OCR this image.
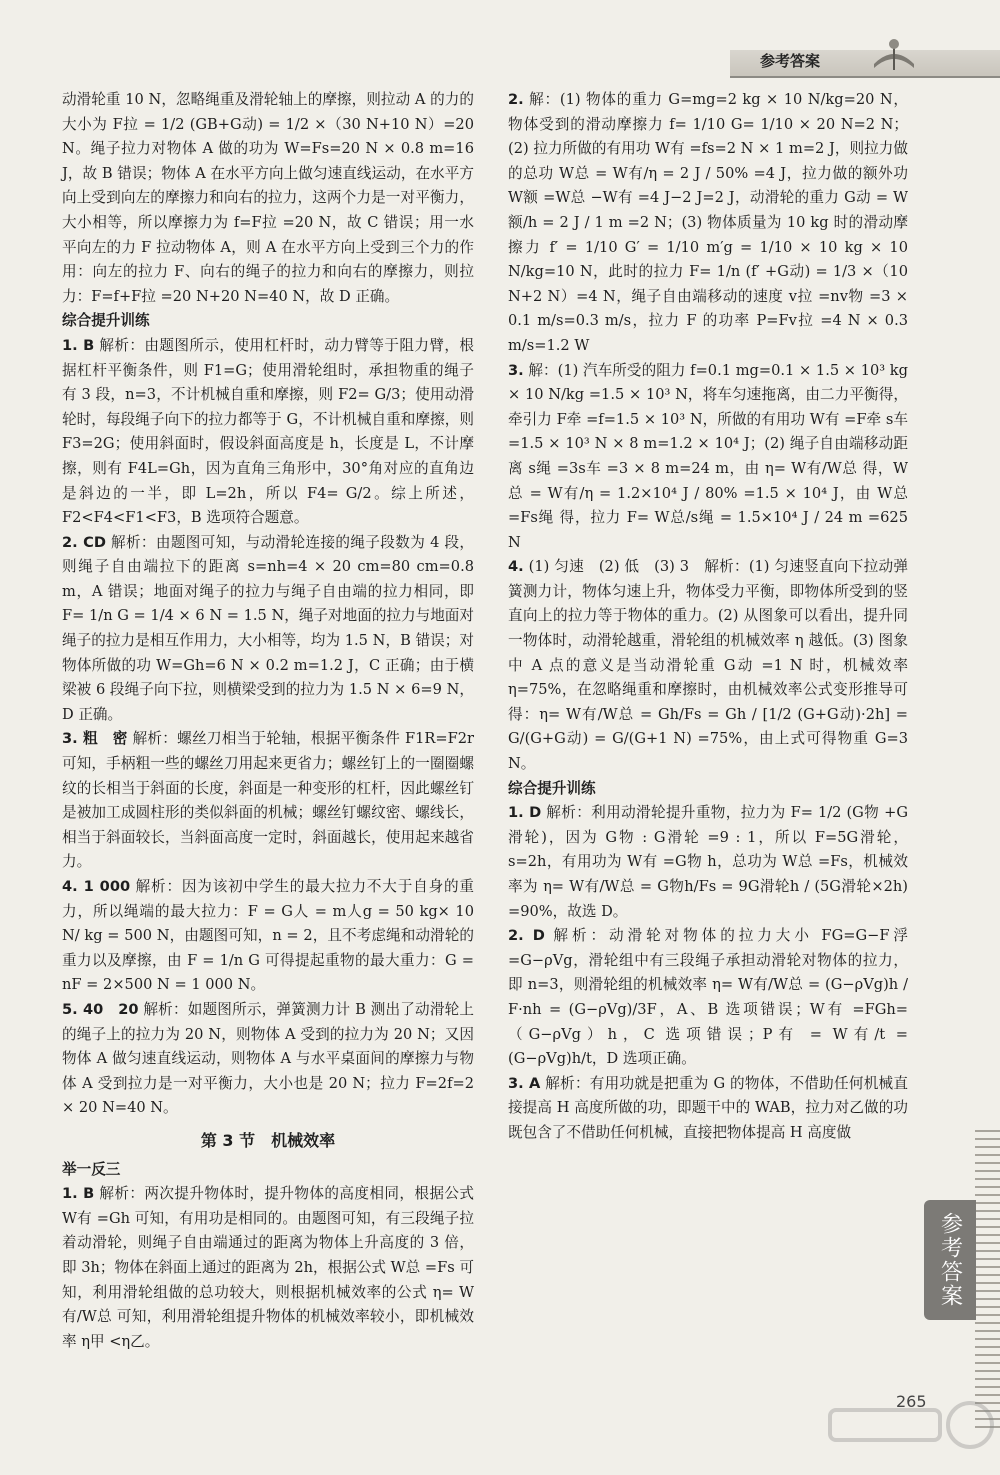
参考答案

动滑轮重 10 N，忽略绳重及滑轮轴上的摩擦，则拉动 A 的力的大小为 F拉 = 1/2 (GB+G动) = 1/2 ×（30 N+10 N）=20 N。绳子拉力对物体 A 做的功为 W=Fs=20 N × 0.8 m=16 J，故 B 错误；物体 A 在水平方向上做匀速直线运动，在水平方向上受到向左的摩擦力和向右的拉力，这两个力是一对平衡力，大小相等，所以摩擦力为 f=F拉 =20 N，故 C 错误；用一水平向左的力 F 拉动物体 A，则 A 在水平方向上受到三个力的作用：向左的拉力 F、向右的绳子的拉力和向右的摩擦力，则拉力：F=f+F拉 =20 N+20 N=40 N，故 D 正确。

综合提升训练

1. B 解析：由题图所示，使用杠杆时，动力臂等于阻力臂，根据杠杆平衡条件，则 F1=G；使用滑轮组时，承担物重的绳子有 3 段，n=3，不计机械自重和摩擦，则 F2= G/3；使用动滑轮时，每段绳子向下的拉力都等于 G，不计机械自重和摩擦，则 F3=2G；使用斜面时，假设斜面高度是 h，长度是 L，不计摩擦，则有 F4L=Gh，因为直角三角形中，30°角对应的直角边是斜边的一半，即 L=2h，所以 F4= G/2。综上所述，F2<F4<F1<F3，B 选项符合题意。

2. CD 解析：由题图可知，与动滑轮连接的绳子段数为 4 段，则绳子自由端拉下的距离 s=nh=4 × 20 cm=80 cm=0.8 m，A 错误；地面对绳子的拉力与绳子自由端的拉力相同，即 F= 1/n G = 1/4 × 6 N = 1.5 N，绳子对地面的拉力与地面对绳子的拉力是相互作用力，大小相等，均为 1.5 N，B 错误；对物体所做的功 W=Gh=6 N × 0.2 m=1.2 J，C 正确；由于横梁被 6 段绳子向下拉，则横梁受到的拉力为 1.5 N × 6=9 N，D 正确。

3. 粗　密 解析：螺丝刀相当于轮轴，根据平衡条件 F1R=F2r 可知，手柄粗一些的螺丝刀用起来更省力；螺丝钉上的一圈圈螺纹的长相当于斜面的长度，斜面是一种变形的杠杆，因此螺丝钉是被加工成圆柱形的类似斜面的机械；螺丝钉螺纹密、螺线长，相当于斜面较长，当斜面高度一定时，斜面越长，使用起来越省力。

4. 1 000 解析：因为该初中学生的最大拉力不大于自身的重力，所以绳端的最大拉力：F = G人 = m人g = 50 kg× 10 N/ kg = 500 N，由题图可知，n = 2，且不考虑绳和动滑轮的重力以及摩擦，由 F = 1/n G 可得提起重物的最大重力：G = nF = 2×500 N = 1 000 N。

5. 40　20 解析：如题图所示，弹簧测力计 B 测出了动滑轮上的绳子上的拉力为 20 N，则物体 A 受到的拉力为 20 N；又因物体 A 做匀速直线运动，则物体 A 与水平桌面间的摩擦力与物体 A 受到拉力是一对平衡力，大小也是 20 N；拉力 F=2f=2 × 20 N=40 N。

第 3 节　机械效率
举一反三

1. B 解析：两次提升物体时，提升物体的高度相同，根据公式 W有 =Gh 可知，有用功是相同的。由题图可知，有三段绳子拉着动滑轮，则绳子自由端通过的距离为物体上升高度的 3 倍，即 3h；物体在斜面上通过的距离为 2h，根据公式 W总 =Fs 可知，利用滑轮组做的总功较大，则根据机械效率的公式 η= W有/W总 可知，利用滑轮组提升物体的机械效率较小，即机械效率 η甲 <η乙。

2. 解：(1) 物体的重力 G=mg=2 kg × 10 N/kg=20 N，物体受到的滑动摩擦力 f= 1/10 G= 1/10 × 20 N=2 N；(2) 拉力所做的有用功 W有 =fs=2 N × 1 m=2 J，则拉力做的总功 W总 = W有/η = 2 J / 50% =4 J，拉力做的额外功 W额 =W总 −W有 =4 J−2 J=2 J，动滑轮的重力 G动 = W额/h = 2 J / 1 m =2 N；(3) 物体质量为 10 kg 时的滑动摩擦力 f′ = 1/10 G′ = 1/10 m′g = 1/10 × 10 kg × 10 N/kg=10 N，此时的拉力 F= 1/n (f′ +G动) = 1/3 ×（10 N+2 N）=4 N，绳子自由端移动的速度 v拉 =nv物 =3 × 0.1 m/s=0.3 m/s，拉力 F 的功率 P=Fv拉 =4 N × 0.3 m/s=1.2 W

3. 解：(1) 汽车所受的阻力 f=0.1 mg=0.1 × 1.5 × 10³ kg × 10 N/kg =1.5 × 10³ N，将车匀速拖离，由二力平衡得，牵引力 F牵 =f=1.5 × 10³ N，所做的有用功 W有 =F牵 s车 =1.5 × 10³ N × 8 m=1.2 × 10⁴ J；(2) 绳子自由端移动距离 s绳 =3s车 =3 × 8 m=24 m，由 η= W有/W总 得，W总 = W有/η = 1.2×10⁴ J / 80% =1.5 × 10⁴ J，由 W总 =Fs绳 得，拉力 F= W总/s绳 = 1.5×10⁴ J / 24 m =625 N

4. (1) 匀速　(2) 低　(3) 3　解析：(1) 匀速竖直向下拉动弹簧测力计，物体匀速上升，物体受力平衡，即物体所受到的竖直向上的拉力等于物体的重力。(2) 从图象可以看出，提升同一物体时，动滑轮越重，滑轮组的机械效率 η 越低。(3) 图象中 A 点的意义是当动滑轮重 G动 =1 N 时，机械效率 η=75%，在忽略绳重和摩擦时，由机械效率公式变形推导可得：η= W有/W总 = Gh/Fs = Gh / [1/2 (G+G动)·2h] = G/(G+G动) = G/(G+1 N) =75%，由上式可得物重 G=3 N。

综合提升训练

1. D 解析：利用动滑轮提升重物，拉力为 F= 1/2 (G物 +G滑轮)，因为 G物 : G滑轮 =9 : 1，所以 F=5G滑轮，s=2h，有用功为 W有 =G物 h，总功为 W总 =Fs，机械效率为 η= W有/W总 = G物h/Fs = 9G滑轮h / (5G滑轮×2h) =90%，故选 D。

2. D 解析：动滑轮对物体的拉力大小 FG=G−F浮 =G−ρVg，滑轮组中有三段绳子承担动滑轮对物体的拉力，即 n=3，则滑轮组的机械效率 η= W有/W总 = (G−ρVg)h / F·nh = (G−ρVg)/3F，A、B 选项错误；W有 =FGh=（G−ρVg）h，C 选项错误；P有 = W有/t = (G−ρVg)h/t，D 选项正确。

3. A 解析：有用功就是把重为 G 的物体，不借助任何机械直接提高 H 高度所做的功，即题干中的 WAB，拉力对乙做的功既包含了不借助任何机械，直接把物体提高 H 高度做

参考答案
265
